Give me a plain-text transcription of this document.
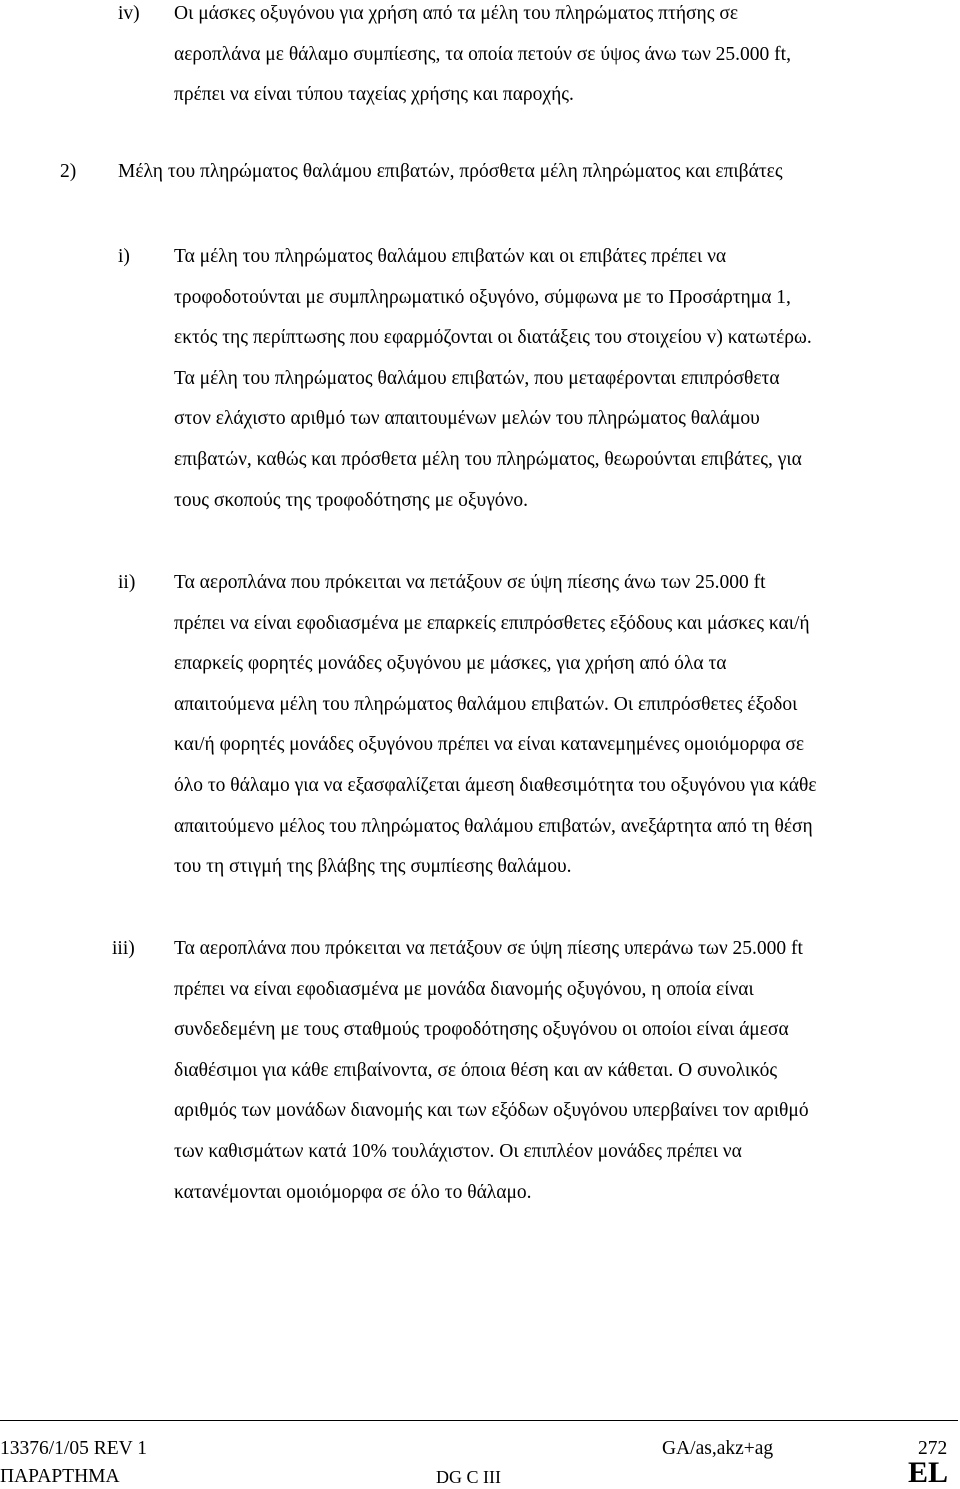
iv) Οι μάσκες οξυγόνου για χρήση από τα μέλη του πληρώματος πτήσης σε
αεροπλάνα με θάλαμο συμπίεσης, τα οποία πετούν σε ύψος άνω των 25.000 ft,
πρέπει να είναι τύπου ταχείας χρήσης και παροχής.
2) Μέλη του πληρώματος θαλάμου επιβατών, πρόσθετα μέλη πληρώματος και επιβάτες
i) Τα μέλη του πληρώματος θαλάμου επιβατών και οι επιβάτες πρέπει να
τροφοδοτούνται με συμπληρωματικό οξυγόνο, σύμφωνα με το Προσάρτημα 1,
εκτός της περίπτωσης που εφαρμόζονται οι διατάξεις του στοιχείου v) κατωτέρω.
Τα μέλη του πληρώματος θαλάμου επιβατών, που μεταφέρονται επιπρόσθετα
στον ελάχιστο αριθμό των απαιτουμένων μελών του πληρώματος θαλάμου
επιβατών, καθώς και πρόσθετα μέλη του πληρώματος, θεωρούνται επιβάτες, για
τους σκοπούς της τροφοδότησης με οξυγόνο.
ii) Τα αεροπλάνα που πρόκειται να πετάξουν σε ύψη πίεσης άνω των 25.000 ft
πρέπει να είναι εφοδιασμένα με επαρκείς επιπρόσθετες εξόδους και μάσκες και/ή
επαρκείς φορητές μονάδες οξυγόνου με μάσκες, για χρήση από όλα τα
απαιτούμενα μέλη του πληρώματος θαλάμου επιβατών. Οι επιπρόσθετες έξοδοι
και/ή φορητές μονάδες οξυγόνου πρέπει να είναι κατανεμημένες ομοιόμορφα σε
όλο το θάλαμο για να εξασφαλίζεται άμεση διαθεσιμότητα του οξυγόνου για κάθε
απαιτούμενο μέλος του πληρώματος θαλάμου επιβατών, ανεξάρτητα από τη θέση
του τη στιγμή της βλάβης της συμπίεσης θαλάμου.
iii) Τα αεροπλάνα που πρόκειται να πετάξουν σε ύψη πίεσης υπεράνω των 25.000 ft
πρέπει να είναι εφοδιασμένα με μονάδα διανομής οξυγόνου, η οποία είναι
συνδεδεμένη με τους σταθμούς τροφοδότησης οξυγόνου οι οποίοι είναι άμεσα
διαθέσιμοι για κάθε επιβαίνοντα, σε όποια θέση και αν κάθεται. Ο συνολικός
αριθμός των μονάδων διανομής και των εξόδων οξυγόνου υπερβαίνει τον αριθμό
των καθισμάτων κατά 10% τουλάχιστον. Οι επιπλέον μονάδες πρέπει να
κατανέμονται ομοιόμορφα σε όλο το θάλαμο.
13376/1/05 REV 1	GA/as,akz+ag	272
ΠΑΡΑΡΤΗΜΑ	DG C III	EL
